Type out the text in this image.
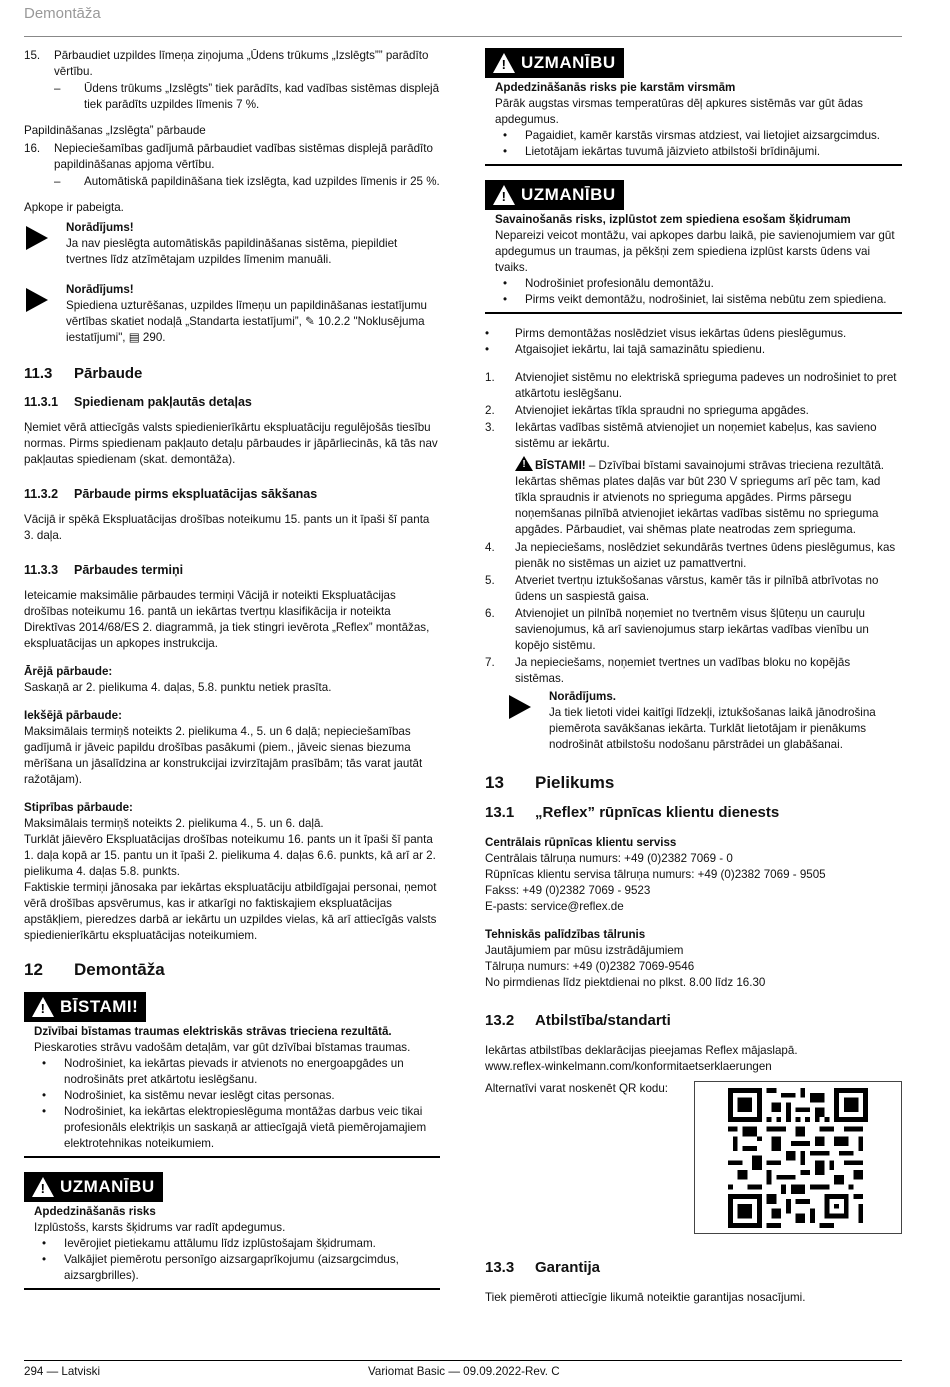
Demontāža
15.	Pārbaudiet uzpildes līmeņa ziņojuma „Ūdens trūkums „Izslēgts”” parādīto vērtību.
–	Ūdens trūkums „Izslēgts” tiek parādīts, kad vadības sistēmas displejā tiek parādīts uzpildes līmenis 7 %.

Papildināšanas „Izslēgta” pārbaude

16.	Nepieciešamības gadījumā pārbaudiet vadības sistēmas displejā parādīto papildināšanas apjoma vērtību.
–	Automātiskā papildināšana tiek izslēgta, kad uzpildes līmenis ir 25 %.

Apkope ir pabeigta.

Norādījums!
Ja nav pieslēgta automātiskās papildināšanas sistēma, piepildiet tvertnes līdz atzīmētajam uzpildes līmenim manuāli.
Norādījums!
Spiediena uzturēšanas, uzpildes līmeņu un papildināšanas iestatījumu vērtības skatiet nodaļā „Standarta iestatījumi”, ✎ 10.2.2 "Noklusējuma iestatījumi", ▤ 290.
11.3	Pārbaude
11.3.1	Spiedienam pakļautās detaļas

Ņemiet vērā attiecīgās valsts spiedienierīkārtu ekspluatāciju regulējošās tiesību normas. Pirms spiedienam pakļauto detaļu pārbaudes ir jāpārliecinās, kā tās nav pakļautas spiedienam (skat. demontāža).

11.3.2	Pārbaude pirms ekspluatācijas sākšanas

Vācijā ir spēkā Ekspluatācijas drošības noteikumu 15. pants un it īpaši šī panta 3. daļa.

11.3.3	Pārbaudes termiņi

Ieteicamie maksimālie pārbaudes termiņi Vācijā ir noteikti Ekspluatācijas drošības noteikumu 16. pantā un iekārtas tvertņu klasifikācija ir noteikta Direktīvas 2014/68/ES 2. diagrammā, ja tiek stingri ievērota „Reflex” montāžas, ekspluatācijas un apkopes instrukcija.

Ārējā pārbaude:

Saskaņā ar 2. pielikuma 4. daļas, 5.8. punktu netiek prasīta.

Iekšējā pārbaude:

Maksimālais termiņš noteikts 2. pielikuma 4., 5. un 6 daļā; nepieciešamības gadījumā ir jāveic papildu drošības pasākumi (piem., jāveic sienas biezuma mērīšana un jāsalīdzina ar konstrukcijai izvirzītajām prasībām; tās varat jautāt ražotājam).

Stiprības pārbaude:
Maksimālais termiņš noteikts 2. pielikuma 4., 5. un 6. daļā.
Turklāt jāievēro Ekspluatācijas drošības noteikumu 16. pants un it īpaši šī panta 1. daļa kopā ar 15. pantu un it īpaši 2. pielikuma 4. daļas 6.6. punkts, kā arī ar 2. pielikuma 4. daļas 5.8. punkts.
Faktiskie termiņi jānosaka par iekārtas ekspluatāciju atbildīgajai personai, ņemot vērā drošības apsvērumus, kas ir atkarīgi no faktiskajiem ekspluatācijas apstākļiem, pieredzes darbā ar iekārtu un uzpildes vielas, kā arī attiecīgās valsts spiedienierīkārtu ekspluatācijas noteikumiem.
12	Demontāža
! BĪSTAMI!
Dzīvībai bīstamas traumas elektriskās strāvas trieciena rezultātā.
Pieskaroties strāvu vadošām detaļām, var gūt dzīvībai bīstamas traumas.
•	Nodrošiniet, ka iekārtas pievads ir atvienots no energoapgādes un nodrošināts pret atkārtotu ieslēgšanu.
•	Nodrošiniet, ka sistēmu nevar ieslēgt citas personas.
•	Nodrošiniet, ka iekārtas elektropieslēguma montāžas darbus veic tikai profesionāls elektriķis un saskaņā ar attiecīgajā vietā piemērojamajiem elektrotehnikas noteikumiem.
! UZMANĪBU
Apdedzināšanās risks
Izplūstošs, karsts šķidrums var radīt apdegumus.
•	Ievērojiet pietiekamu attālumu līdz izplūstošajam šķidrumam.
•	Valkājiet piemērotu personīgo aizsargaprīkojumu (aizsargcimdus, aizsargbrilles).
! UZMANĪBU
Apdedzināšanās risks pie karstām virsmām
Pārāk augstas virsmas temperatūras dēļ apkures sistēmās var gūt ādas apdegumus.
•	Pagaidiet, kamēr karstās virsmas atdziest, vai lietojiet aizsargcimdus.
•	Lietotājam iekārtas tuvumā jāizvieto atbilstoši brīdinājumi.
! UZMANĪBU
Savainošanās risks, izplūstot zem spiediena esošam šķidrumam
Nepareizi veicot montāžu, vai apkopes darbu laikā, pie savienojumiem var gūt apdegumus un traumas, ja pēkšņi zem spiediena izplūst karsts ūdens vai tvaiks.
•	Nodrošiniet profesionālu demontāžu.
•	Pirms veikt demontāžu, nodrošiniet, lai sistēma nebūtu zem spiediena.
•	Pirms demontāžas noslēdziet visus iekārtas ūdens pieslēgumus.
•	Atgaisojiet iekārtu, lai tajā samazinātu spiedienu.
1.	Atvienojiet sistēmu no elektriskā sprieguma padeves un nodrošiniet to pret atkārtotu ieslēgšanu.
2.	Atvienojiet iekārtas tīkla spraudni no sprieguma apgādes.
3.	Iekārtas vadības sistēmā atvienojiet un noņemiet kabeļus, kas savieno sistēmu ar iekārtu.
! BĪSTAMI! – Dzīvībai bīstami savainojumi strāvas trieciena rezultātā. Iekārtas shēmas plates daļās var būt 230 V spriegums arī pēc tam, kad tīkla spraudnis ir atvienots no sprieguma apgādes. Pirms pārsegu noņemšanas pilnībā atvienojiet iekārtas vadības sistēmu no sprieguma apgādes. Pārbaudiet, vai shēmas plate neatrodas zem sprieguma.
4.	Ja nepieciešams, noslēdziet sekundārās tvertnes ūdens pieslēgumus, kas pienāk no sistēmas un aiziet uz pamattvertni.
5.	Atveriet tvertņu iztukšošanas vārstus, kamēr tās ir pilnībā atbrīvotas no ūdens un saspiestā gaisa.
6.	Atvienojiet un pilnībā noņemiet no tvertnēm visus šļūteņu un cauruļu savienojumus, kā arī savienojumus starp iekārtas vadības vienību un kopējo sistēmu.
7.	Ja nepieciešams, noņemiet tvertnes un vadības bloku no kopējās sistēmas.
Norādījums.
Ja tiek lietoti videi kaitīgi līdzekļi, iztukšošanas laikā jānodrošina piemērota savākšanas iekārta. Turklāt lietotājam ir pienākums nodrošināt atbilstošu nodošanu pārstrādei un glabāšanai.
13	Pielikums
13.1	„Reflex” rūpnīcas klientu dienests
Centrālais rūpnīcas klientu serviss
Centrālais tālruņa numurs: +49 (0)2382 7069 - 0
Rūpnīcas klientu servisa tālruņa numurs: +49 (0)2382 7069 - 9505
Fakss: +49 (0)2382 7069 - 9523
E-pasts: service@reflex.de
Tehniskās palīdzības tālrunis
Jautājumiem par mūsu izstrādājumiem
Tālruņa numurs: +49 (0)2382 7069-9546
No pirmdienas līdz piektdienai no plkst. 8.00 līdz 16.30
13.2	Atbilstība/standarti
Iekārtas atbilstības deklarācijas pieejamas Reflex mājaslapā.
www.reflex-winkelmann.com/konformitaetserklaerungen
Alternatīvi varat noskenēt QR kodu:
13.3	Garantija
Tiek piemēroti attiecīgie likumā noteiktie garantijas nosacījumi.
294 — Latviski	Variomat Basic — 09.09.2022-Rev. C
